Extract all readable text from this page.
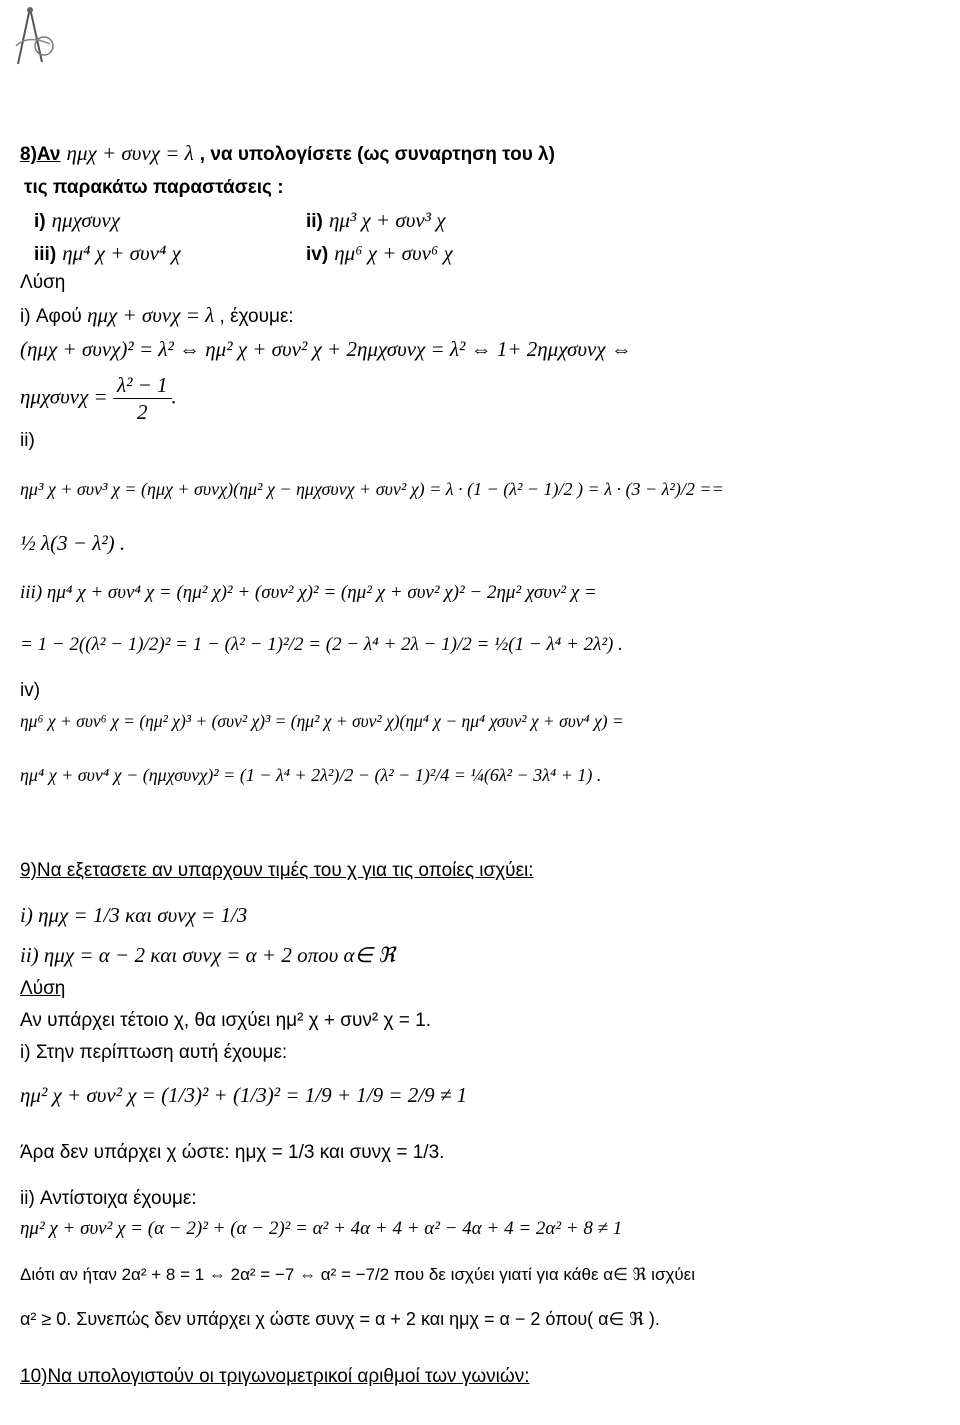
8)Αν ημχ + συνχ = λ , να υπολογίσετε (ως συναρτηση του λ)
τις παρακάτω παραστάσεις :
i) ημχσυνχ	ii) ημ³ χ + συν³ χ
iii) ημ⁴ χ + συν⁴ χ	iv) ημ⁶ χ + συν⁶ χ
Λύση
i) Αφού ημχ + συνχ = λ , έχουμε:
(ημχ + συνχ)² = λ² ⇔ ημ² χ + συν² χ + 2ημχσυνχ = λ² ⇔ 1+ 2ημχσυνχ ⇔
$\eta\mu\chi\sigma\upsilon\nu\chi = \frac{\text{λ² − 1}}{2}$ .
ii)
ημ³ χ + συν³ χ = (ημχ + συνχ)(ημ² χ − ημχσυνχ + συν² χ) = λ · (1 − (λ² − 1)/2 ) = λ · (3 − λ²)/2 ==
½ λ(3 − λ²) .
iii) ημ⁴ χ + συν⁴ χ = (ημ² χ)² + (συν² χ)² = (ημ² χ + συν² χ)² − 2ημ² χσυν² χ =
= 1 − 2((λ² − 1)/2)² = 1 − (λ² − 1)²/2 = (2 − λ⁴ + 2λ − 1)/2 = ½(1 − λ⁴ + 2λ²) .
iv)
ημ⁶ χ + συν⁶ χ = (ημ² χ)³ + (συν² χ)³ = (ημ² χ + συν² χ)(ημ⁴ χ − ημ⁴ χσυν² χ + συν⁴ χ) =
ημ⁴ χ + συν⁴ χ − (ημχσυνχ)² = (1 − λ⁴ + 2λ²)/2 − (λ² − 1)²/4 = ¼(6λ² − 3λ⁴ + 1) .
9)Να εξετασετε αν υπαρχουν τιμές του χ για τις οποίες ισχύει:
i) ημχ = 1/3 και συνχ = 1/3
ii) ημχ = α − 2 και συνχ = α + 2 οπου α∈ ℜ
Λύση
Αν υπάρχει τέτοιο χ, θα ισχύει ημ² χ + συν² χ = 1.
i) Στην περίπτωση αυτή έχουμε:
ημ² χ + συν² χ = (1/3)² + (1/3)² = 1/9 + 1/9 = 2/9 ≠ 1
Άρα δεν υπάρχει χ ώστε: ημχ = 1/3 και συνχ = 1/3.
ii) Αντίστοιχα έχουμε:
ημ² χ + συν² χ = (α − 2)² + (α − 2)² = α² + 4α + 4 + α² − 4α + 4 = 2α² + 8 ≠ 1
Διότι αν ήταν 2α² + 8 = 1 ⇔ 2α² = −7 ⇔ α² = −7/2 που δε ισχύει γιατί για κάθε α∈ ℜ ισχύει
α² ≥ 0. Συνεπώς δεν υπάρχει χ ώστε συνχ = α + 2 και ημχ = α − 2 όπου( α∈ ℜ ).
10)Να υπολογιστούν οι τριγωνομετρικοί αριθμοί των γωνιών:
